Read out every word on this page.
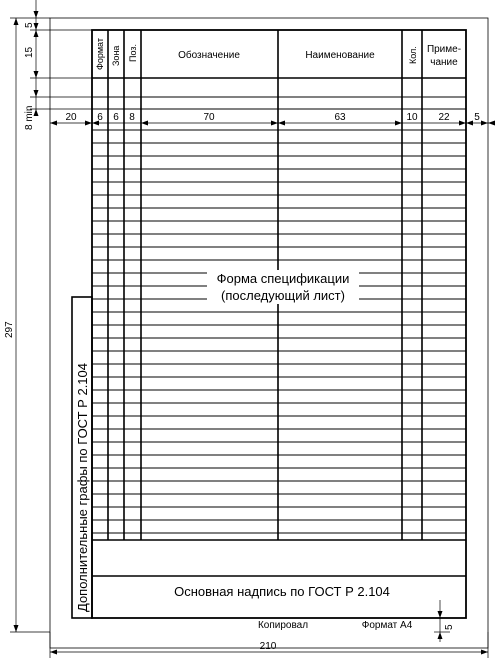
Дополнительные графы по ГОСТ Р 2.104
Формат Зона Поз.	Обозначение	Наименование	Кол. Приме-
чание
20 6 6 8	70	63	10 22 5
5
15
8 min
297
210
5
Основная надпись по ГОСТ Р 2.104
Копировал	Формат А4
Форма спецификации
(последующий лист)
